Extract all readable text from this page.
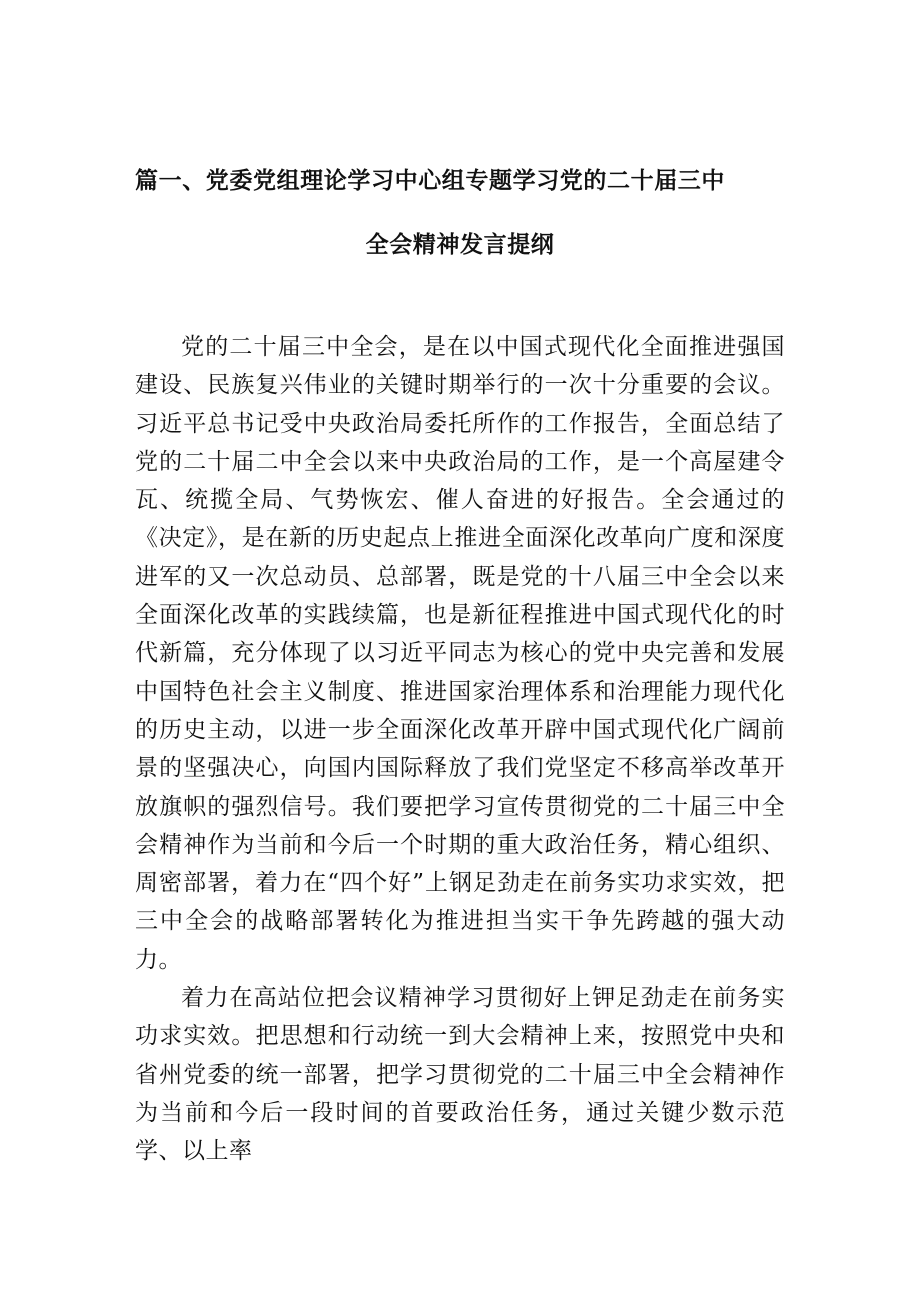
篇一、党委党组理论学习中心组专题学习党的二十届三中
全会精神发言提纲

党的二十届三中全会，是在以中国式现代化全面推进强国建设、民族复兴伟业的关键时期举行的一次十分重要的会议。习近平总书记受中央政治局委托所作的工作报告，全面总结了党的二十届二中全会以来中央政治局的工作，是一个高屋建令瓦、统揽全局、气势恢宏、催人奋进的好报告。全会通过的《决定》，是在新的历史起点上推进全面深化改革向广度和深度进军的又一次总动员、总部署，既是党的十八届三中全会以来全面深化改革的实践续篇，也是新征程推进中国式现代化的时代新篇，充分体现了以习近平同志为核心的党中央完善和发展中国特色社会主义制度、推进国家治理体系和治理能力现代化的历史主动，以进一步全面深化改革开辟中国式现代化广阔前景的坚强决心，向国内国际释放了我们党坚定不移高举改革开放旗帜的强烈信号。我们要把学习宣传贯彻党的二十届三中全会精神作为当前和今后一个时期的重大政治任务，精心组织、周密部署，着力在“四个好”上钢足劲走在前务实功求实效，把三中全会的战略部署转化为推进担当实干争先跨越的强大动力。

着力在高站位把会议精神学习贯彻好上钾足劲走在前务实功求实效。把思想和行动统一到大会精神上来，按照党中央和省州党委的统一部署，把学习贯彻党的二十届三中全会精神作为当前和今后一段时间的首要政治任务，通过关键少数示范学、以上率
